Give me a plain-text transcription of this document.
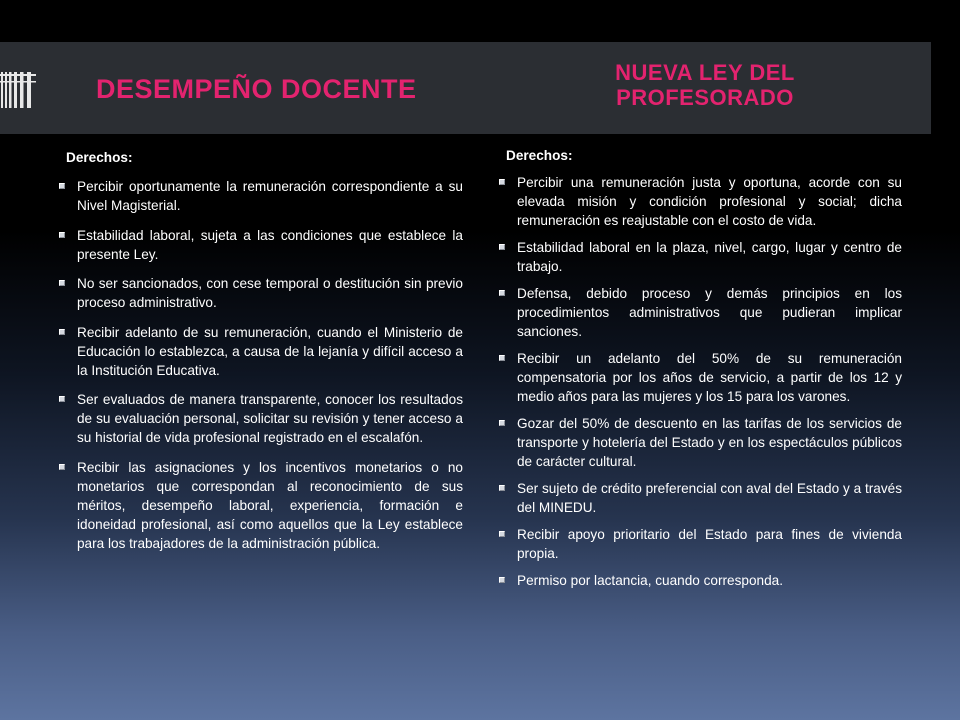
DESEMPEÑO DOCENTE
NUEVA LEY DEL PROFESORADO
Derechos:
Percibir oportunamente la remuneración correspondiente a su Nivel Magisterial.
Estabilidad laboral, sujeta a las condiciones que establece la presente Ley.
No ser sancionados, con cese temporal o destitución sin previo proceso administrativo.
Recibir adelanto de su remuneración, cuando el Ministerio de Educación lo establezca, a causa de la lejanía y difícil acceso a la Institución Educativa.
Ser evaluados de manera transparente, conocer los resultados de su evaluación personal, solicitar su revisión y tener acceso a su historial de vida profesional registrado en el escalafón.
Recibir las asignaciones y los incentivos monetarios o no monetarios que correspondan al reconocimiento de sus méritos, desempeño laboral, experiencia, formación e idoneidad profesional, así como aquellos que la Ley establece para los trabajadores de la administración pública.
Derechos:
Percibir una remuneración justa y oportuna, acorde con su elevada misión y condición profesional y social; dicha remuneración es reajustable con el costo de vida.
Estabilidad laboral en la plaza, nivel, cargo, lugar y centro de trabajo.
Defensa, debido proceso y demás principios en los procedimientos administrativos que pudieran implicar sanciones.
Recibir un adelanto del 50% de su remuneración compensatoria por los años de servicio, a partir de los 12 y medio años para las mujeres y los 15 para los varones.
Gozar del 50% de descuento en las tarifas de los servicios de transporte y hotelería del Estado y en los espectáculos públicos de carácter cultural.
Ser sujeto de crédito preferencial con aval del Estado y a través del MINEDU.
Recibir apoyo prioritario del Estado para fines de vivienda propia.
Permiso por lactancia, cuando corresponda.
